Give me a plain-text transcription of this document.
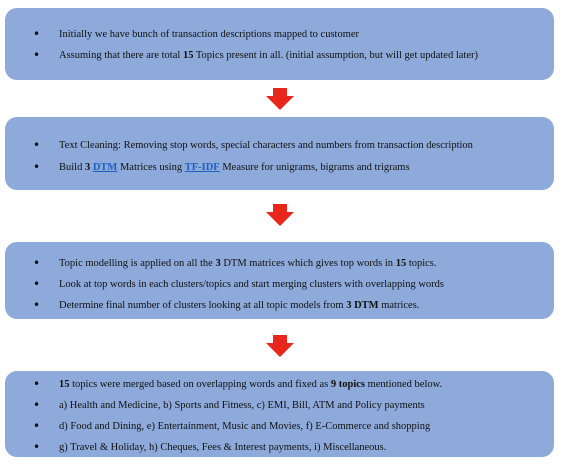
• Initially we have bunch of transaction descriptions mapped to customer
• Assuming that there are total 15 Topics present in all. (initial assumption, but will get updated later)
• Text Cleaning: Removing stop words, special characters and numbers from transaction description
• Build 3 DTM Matrices using TF-IDF Measure for unigrams, bigrams and trigrams
• Topic modelling is applied on all the 3 DTM matrices which gives top words in 15 topics.
• Look at top words in each clusters/topics and start merging clusters with overlapping words
• Determine final number of clusters looking at all topic models from 3 DTM matrices.
• 15 topics were merged based on overlapping words and fixed as 9 topics mentioned below.
• a) Health and Medicine, b) Sports and Fitness, c) EMI, Bill, ATM and Policy payments
• d) Food and Dining, e) Entertainment, Music and Movies, f) E-Commerce and shopping
• g) Travel & Holiday, h) Cheques, Fees & Interest payments, i) Miscellaneous.
